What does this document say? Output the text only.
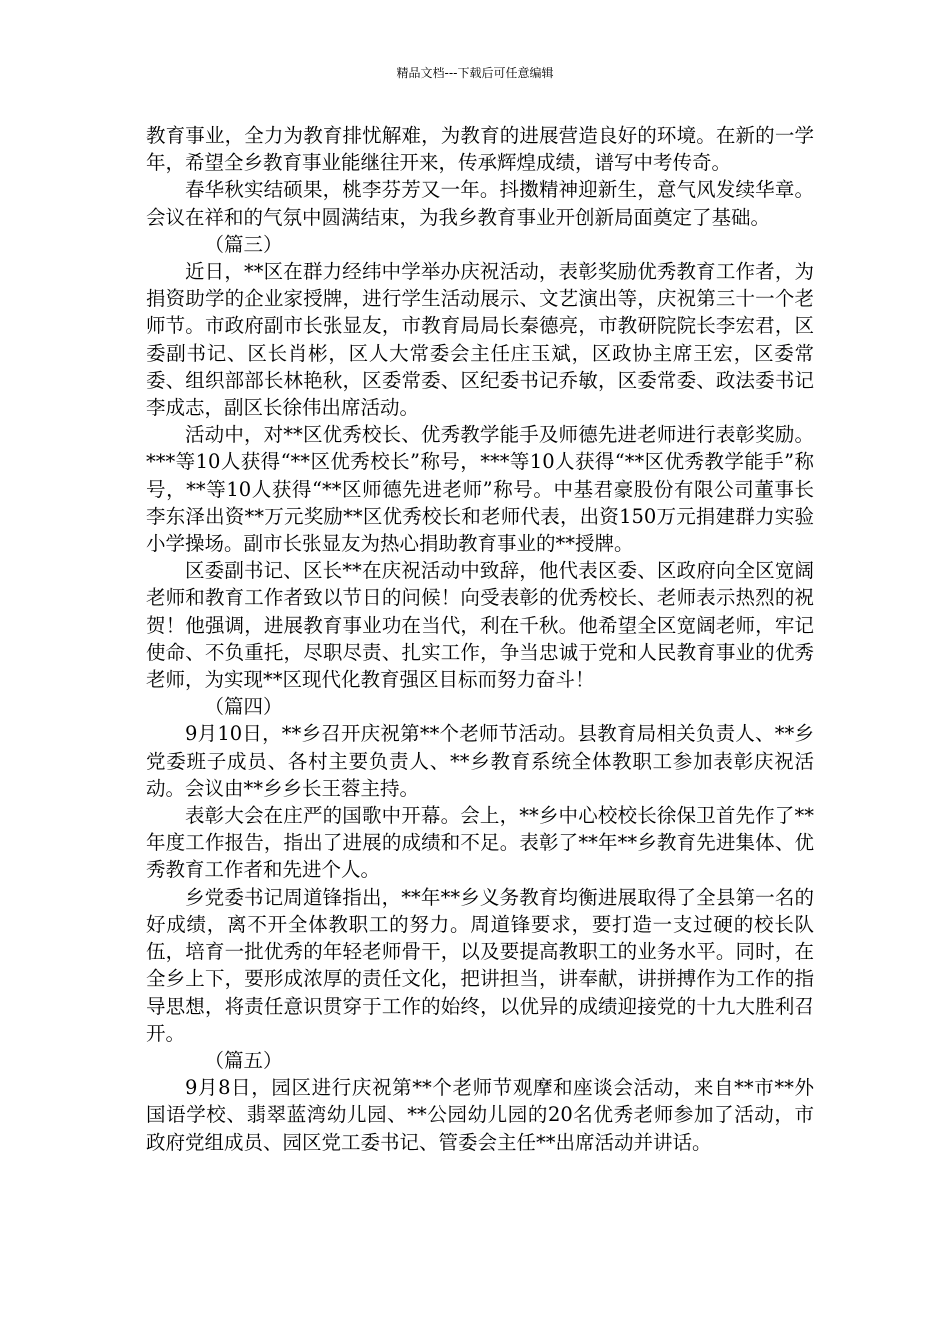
精品文档---下载后可任意编辑

教育事业，全力为教育排忧解难，为教育的进展营造良好的环境。在新的一学年，希望全乡教育事业能继往开来，传承辉煌成绩，谱写中考传奇。

春华秋实结硕果，桃李芬芳又一年。抖擞精神迎新生，意气风发续华章。会议在祥和的气氛中圆满结束，为我乡教育事业开创新局面奠定了基础。

（篇三）

近日，**区在群力经纬中学举办庆祝活动，表彰奖励优秀教育工作者，为捐资助学的企业家授牌，进行学生活动展示、文艺演出等，庆祝第三十一个老师节。市政府副市长张显友，市教育局局长秦德亮，市教研院院长李宏君，区委副书记、区长肖彬，区人大常委会主任庄玉斌，区政协主席王宏，区委常委、组织部部长林艳秋，区委常委、区纪委书记乔敏，区委常委、政法委书记李成志，副区长徐伟出席活动。

活动中，对**区优秀校长、优秀教学能手及师德先进老师进行表彰奖励。***等10人获得“**区优秀校长”称号，***等10人获得“**区优秀教学能手”称号，**等10人获得“**区师德先进老师”称号。中基君豪股份有限公司董事长李东泽出资**万元奖励**区优秀校长和老师代表，出资150万元捐建群力实验小学操场。副市长张显友为热心捐助教育事业的**授牌。

区委副书记、区长**在庆祝活动中致辞，他代表区委、区政府向全区宽阔老师和教育工作者致以节日的问候！向受表彰的优秀校长、老师表示热烈的祝贺！他强调，进展教育事业功在当代，利在千秋。他希望全区宽阔老师，牢记使命、不负重托，尽职尽责、扎实工作，争当忠诚于党和人民教育事业的优秀老师，为实现**区现代化教育强区目标而努力奋斗！

（篇四）

9月10日，**乡召开庆祝第**个老师节活动。县教育局相关负责人、**乡党委班子成员、各村主要负责人、**乡教育系统全体教职工参加表彰庆祝活动。会议由**乡乡长王蓉主持。

表彰大会在庄严的国歌中开幕。会上，**乡中心校校长徐保卫首先作了**年度工作报告，指出了进展的成绩和不足。表彰了**年**乡教育先进集体、优秀教育工作者和先进个人。

乡党委书记周道锋指出，**年**乡义务教育均衡进展取得了全县第一名的好成绩，离不开全体教职工的努力。周道锋要求，要打造一支过硬的校长队伍，培育一批优秀的年轻老师骨干，以及要提高教职工的业务水平。同时，在全乡上下，要形成浓厚的责任文化，把讲担当，讲奉献，讲拼搏作为工作的指导思想，将责任意识贯穿于工作的始终，以优异的成绩迎接党的十九大胜利召开。

（篇五）

9月8日，园区进行庆祝第**个老师节观摩和座谈会活动，来自**市**外国语学校、翡翠蓝湾幼儿园、**公园幼儿园的20名优秀老师参加了活动，市政府党组成员、园区党工委书记、管委会主任**出席活动并讲话。
